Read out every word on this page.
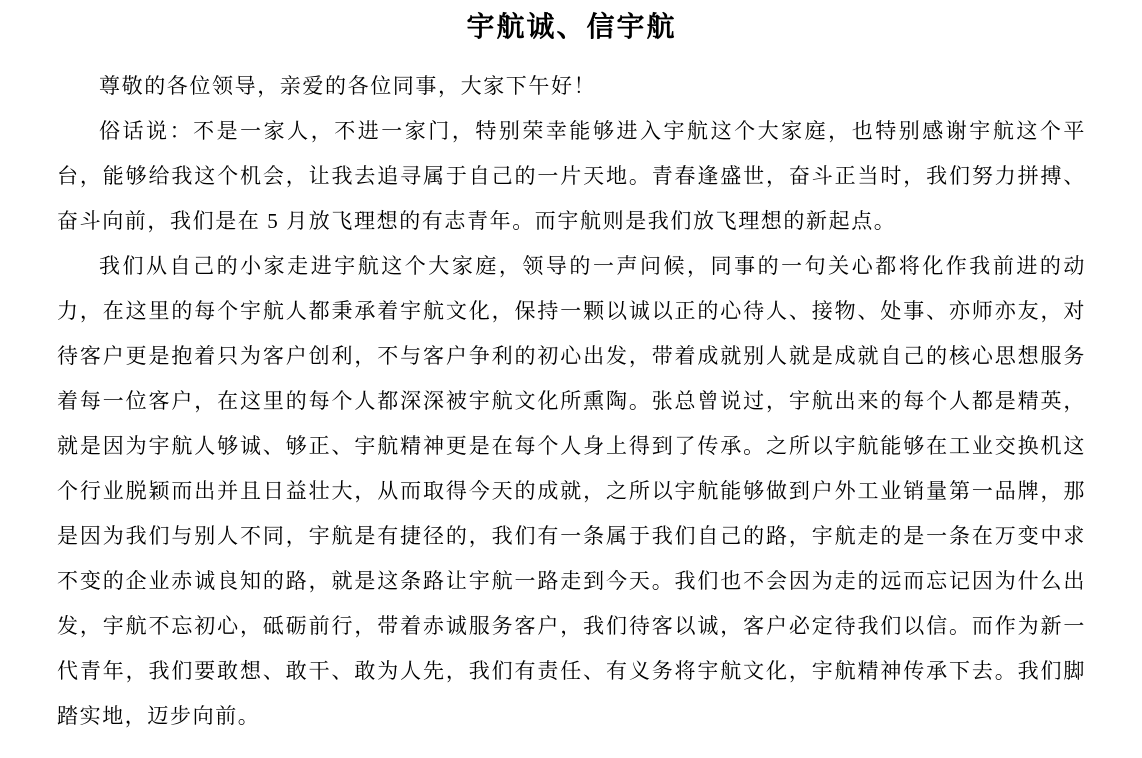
宇航诚、信宇航

尊敬的各位领导，亲爱的各位同事，大家下午好！

俗话说：不是一家人，不进一家门，特别荣幸能够进入宇航这个大家庭，也特别感谢宇航这个平台，能够给我这个机会，让我去追寻属于自己的一片天地。青春逢盛世，奋斗正当时，我们努力拼搏、奋斗向前，我们是在 5 月放飞理想的有志青年。而宇航则是我们放飞理想的新起点。

我们从自己的小家走进宇航这个大家庭，领导的一声问候，同事的一句关心都将化作我前进的动力，在这里的每个宇航人都秉承着宇航文化，保持一颗以诚以正的心待人、接物、处事、亦师亦友，对待客户更是抱着只为客户创利，不与客户争利的初心出发，带着成就别人就是成就自己的核心思想服务着每一位客户，在这里的每个人都深深被宇航文化所熏陶。张总曾说过，宇航出来的每个人都是精英，就是因为宇航人够诚、够正、宇航精神更是在每个人身上得到了传承。之所以宇航能够在工业交换机这个行业脱颖而出并且日益壮大，从而取得今天的成就，之所以宇航能够做到户外工业销量第一品牌，那是因为我们与别人不同，宇航是有捷径的，我们有一条属于我们自己的路，宇航走的是一条在万变中求不变的企业赤诚良知的路，就是这条路让宇航一路走到今天。我们也不会因为走的远而忘记因为什么出发，宇航不忘初心，砥砺前行，带着赤诚服务客户，我们待客以诚，客户必定待我们以信。而作为新一代青年，我们要敢想、敢干、敢为人先，我们有责任、有义务将宇航文化，宇航精神传承下去。我们脚踏实地，迈步向前。
